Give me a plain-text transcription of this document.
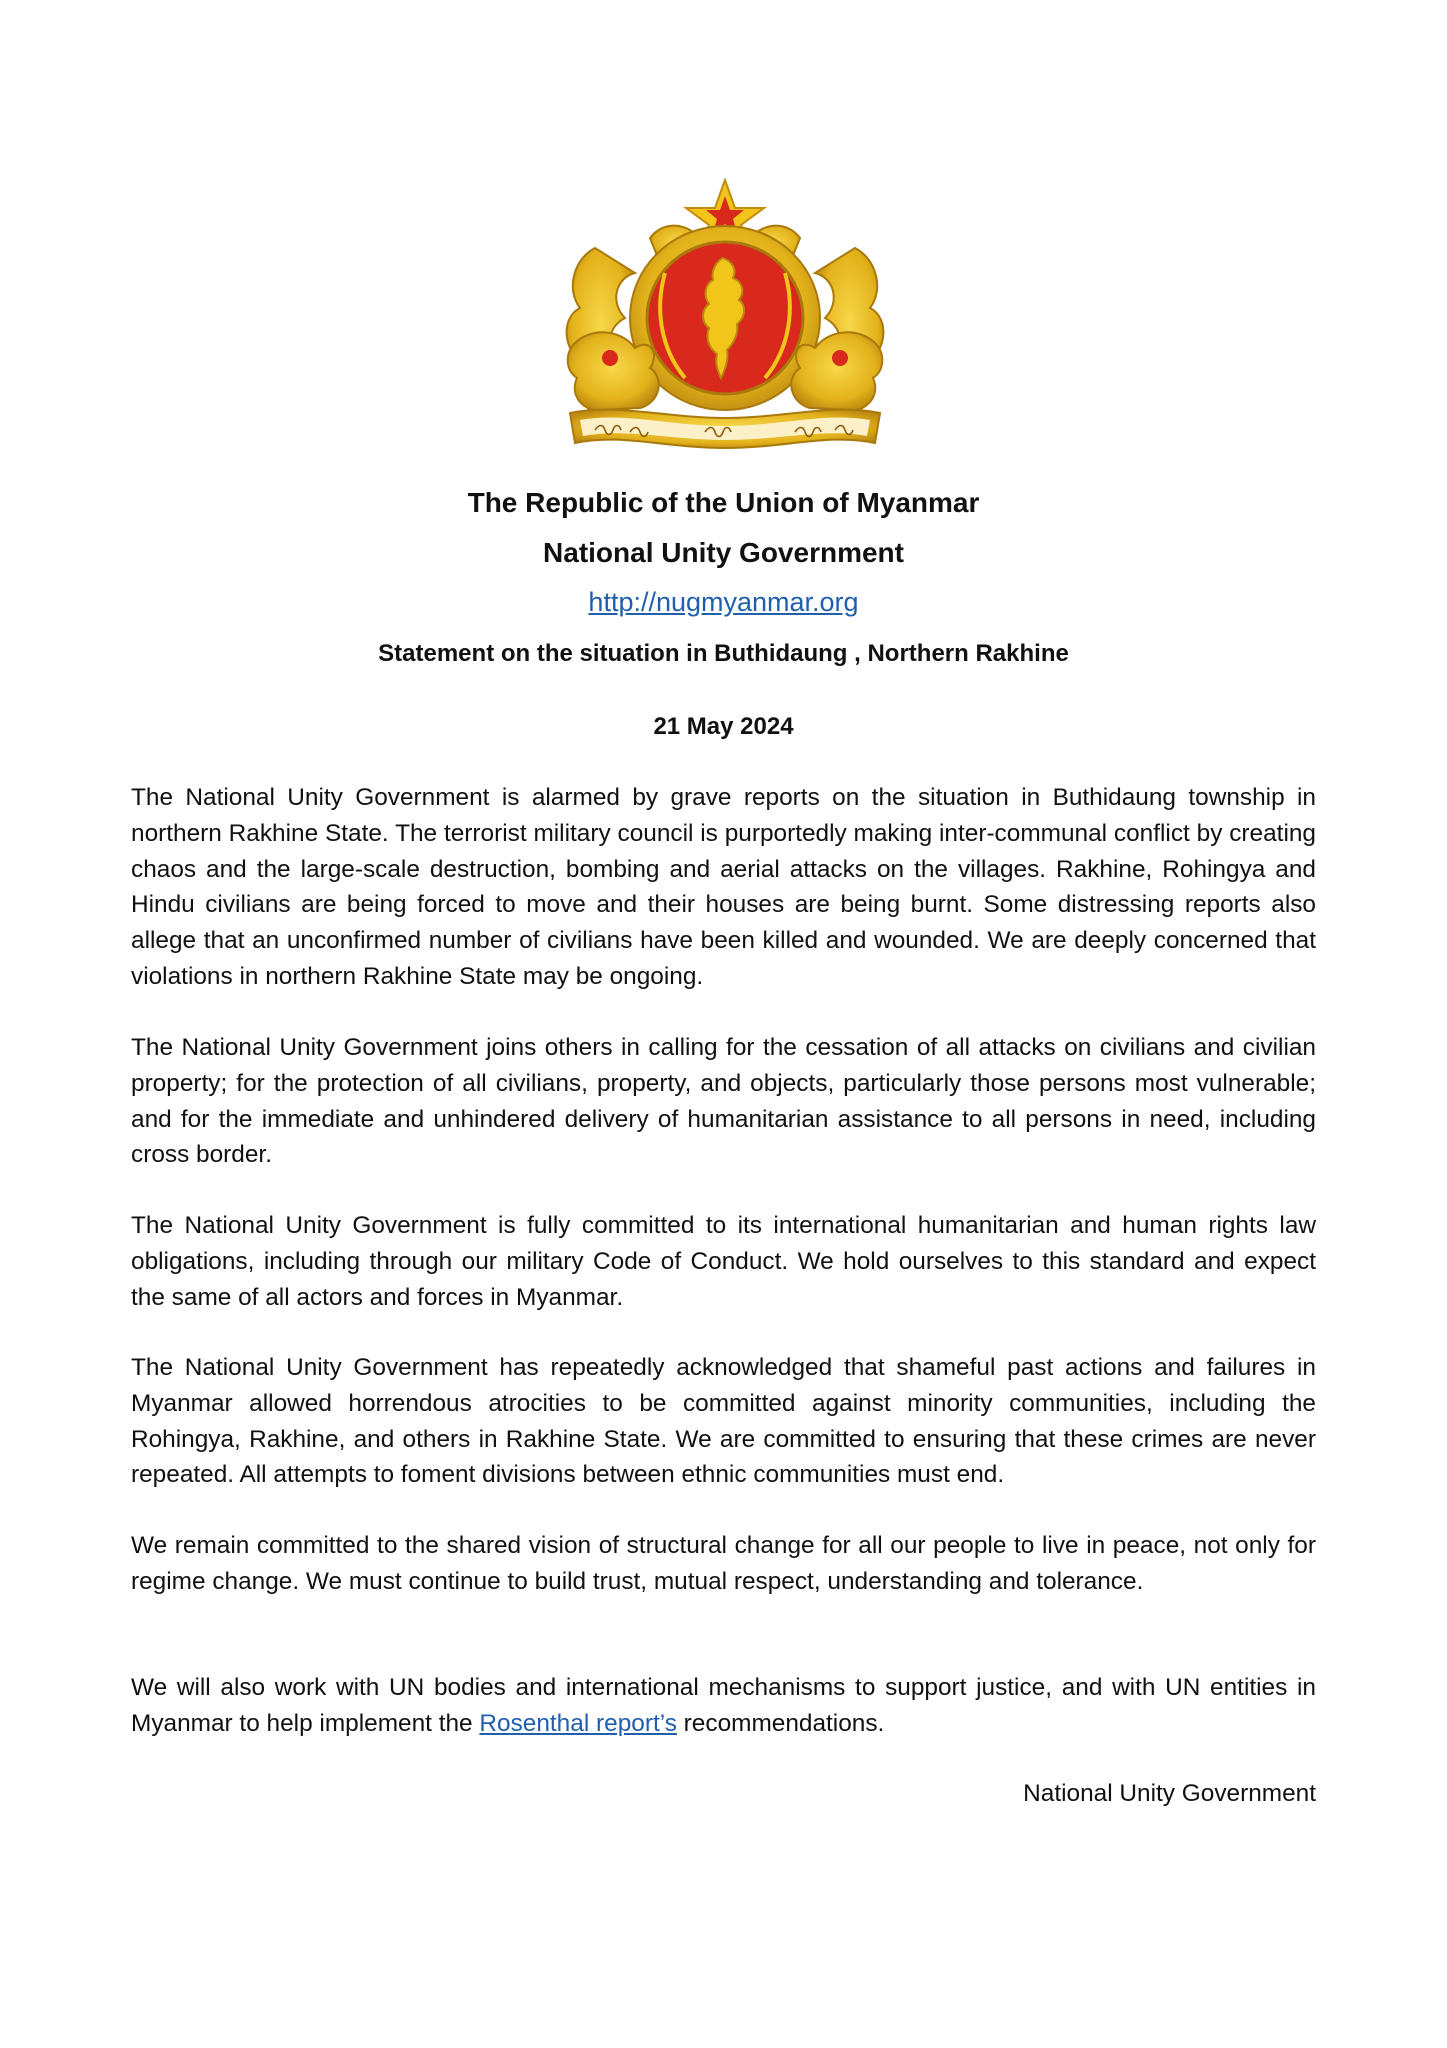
The Republic of the Union of Myanmar
National Unity Government
http://nugmyanmar.org
Statement on the situation in Buthidaung , Northern Rakhine
21 May 2024

The National Unity Government is alarmed by grave reports on the situation in Buthidaung township in northern Rakhine State. The terrorist military council is purportedly making inter-communal conflict by creating chaos and the large-scale destruction, bombing and aerial attacks on the villages. Rakhine, Rohingya and Hindu civilians are being forced to move and their houses are being burnt. Some distressing reports also allege that an unconfirmed number of civilians have been killed and wounded. We are deeply concerned that violations in northern Rakhine State may be ongoing.

The National Unity Government joins others in calling for the cessation of all attacks on civilians and civilian property; for the protection of all civilians, property, and objects, particularly those persons most vulnerable; and for the immediate and unhindered delivery of humanitarian assistance to all persons in need, including cross border.

The National Unity Government is fully committed to its international humanitarian and human rights law obligations, including through our military Code of Conduct. We hold ourselves to this standard and expect the same of all actors and forces in Myanmar.

The National Unity Government has repeatedly acknowledged that shameful past actions and failures in Myanmar allowed horrendous atrocities to be committed against minority communities, including the Rohingya, Rakhine, and others in Rakhine State. We are committed to ensuring that these crimes are never repeated. All attempts to foment divisions between ethnic communities must end.

We remain committed to the shared vision of structural change for all our people to live in peace, not only for regime change. We must continue to build trust, mutual respect, understanding and tolerance.

We will also work with UN bodies and international mechanisms to support justice, and with UN entities in Myanmar to help implement the Rosenthal report’s recommendations.

National Unity Government
